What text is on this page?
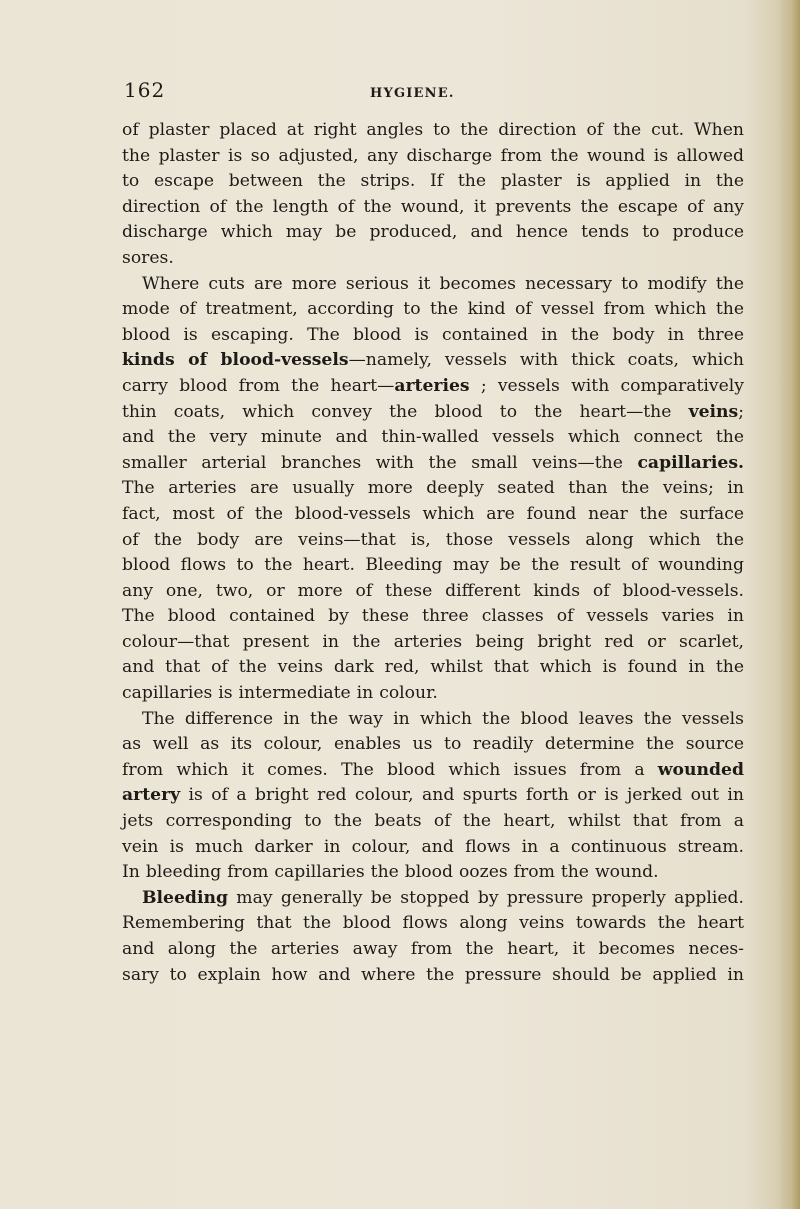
162	HYGIENE.
of plaster placed at right angles to the direction of the cut. When
the plaster is so adjusted, any discharge from the wound is allowed
to escape between the strips. If the plaster is applied in the
direction of the length of the wound, it prevents the escape of any
discharge which may be produced, and hence tends to produce
sores.
Where cuts are more serious it becomes necessary to modify the
mode of treatment, according to the kind of vessel from which the
blood is escaping. The blood is contained in the body in three
kinds of blood-vessels—namely, vessels with thick coats, which
carry blood from the heart—arteries ; vessels with comparatively
thin coats, which convey the blood to the heart—the veins;
and the very minute and thin-walled vessels which connect the
smaller arterial branches with the small veins—the capillaries.
The arteries are usually more deeply seated than the veins; in
fact, most of the blood-vessels which are found near the surface
of the body are veins—that is, those vessels along which the
blood flows to the heart. Bleeding may be the result of wounding
any one, two, or more of these different kinds of blood-vessels.
The blood contained by these three classes of vessels varies in
colour—that present in the arteries being bright red or scarlet,
and that of the veins dark red, whilst that which is found in the
capillaries is intermediate in colour.
The difference in the way in which the blood leaves the vessels
as well as its colour, enables us to readily determine the source
from which it comes. The blood which issues from a wounded
artery is of a bright red colour, and spurts forth or is jerked out in
jets corresponding to the beats of the heart, whilst that from a
vein is much darker in colour, and flows in a continuous stream.
In bleeding from capillaries the blood oozes from the wound.
Bleeding may generally be stopped by pressure properly applied.
Remembering that the blood flows along veins towards the heart
and along the arteries away from the heart, it becomes neces-
sary to explain how and where the pressure should be applied in
